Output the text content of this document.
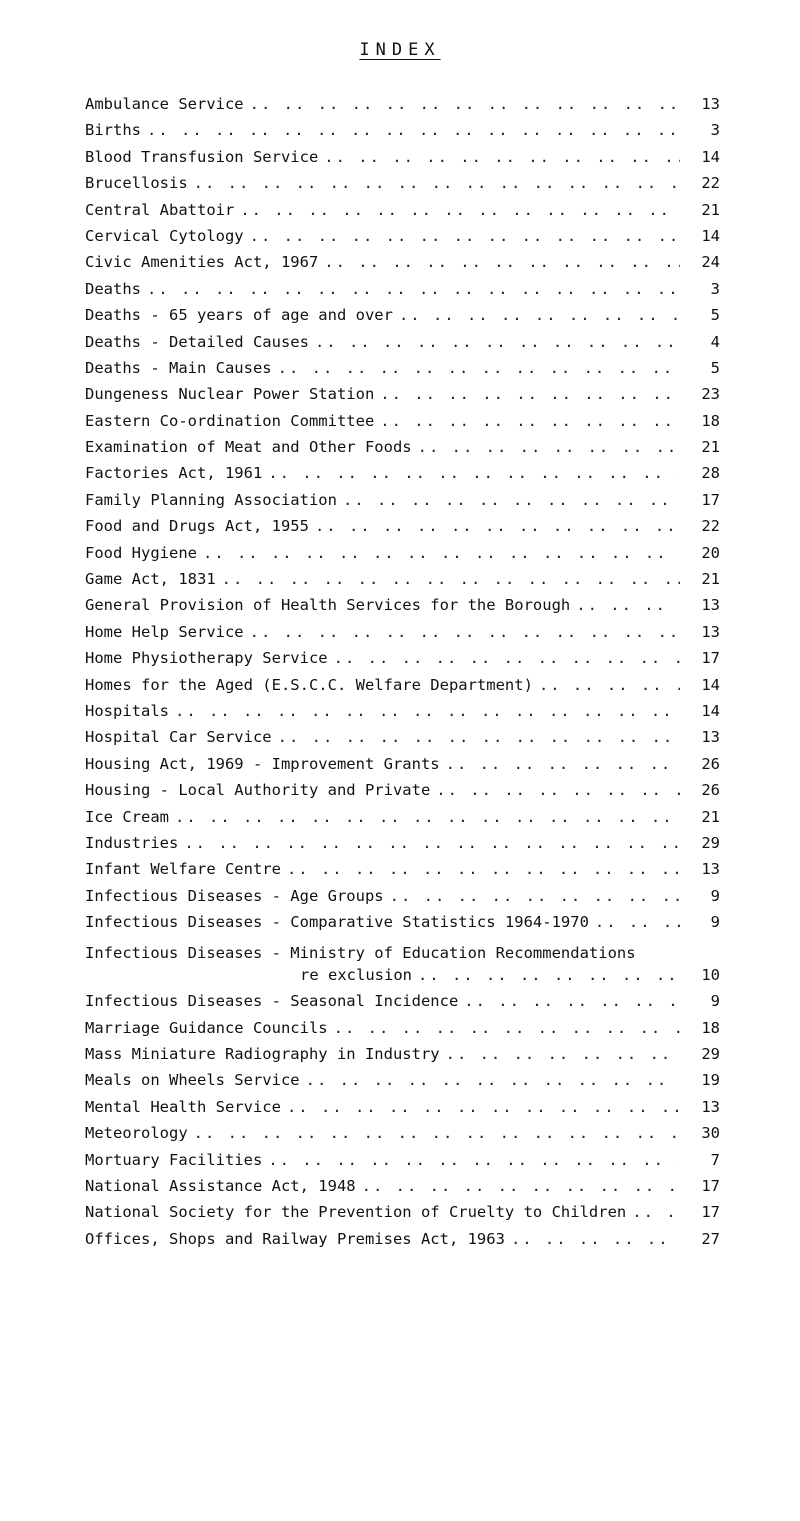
INDEX
Ambulance Service .. ..	13
Births .. ..	3
Blood Transfusion Service .. ..	14
Brucellosis .. ..	22
Central Abattoir .. ..	21
Cervical Cytology .. ..	14
Civic Amenities Act, 1967 .. ..	24
Deaths .. ..	3
Deaths - 65 years of age and over .. ..	5
Deaths - Detailed Causes .. ..	4
Deaths - Main Causes .. ..	5
Dungeness Nuclear Power Station .. ..	23
Eastern Co-ordination Committee .. ..	18
Examination of Meat and Other Foods .. ..	21
Factories Act, 1961 .. ..	28
Family Planning Association .. ..	17
Food and Drugs Act, 1955 .. ..	22
Food Hygiene .. ..	20
Game Act, 1831 .. ..	21
General Provision of Health Services for the Borough .. ..	13
Home Help Service .. ..	13
Home Physiotherapy Service .. ..	17
Homes for the Aged (E.S.C.C. Welfare Department) .. ..	14
Hospitals .. ..	14
Hospital Car Service .. ..	13
Housing Act, 1969 - Improvement Grants .. ..	26
Housing - Local Authority and Private .. ..	26
Ice Cream .. ..	21
Industries .. ..	29
Infant Welfare Centre .. ..	13
Infectious Diseases - Age Groups .. ..	9
Infectious Diseases - Comparative Statistics 1964-1970 .. ..	9
Infectious Diseases - Ministry of Education Recommendations
re exclusion .. ..	10
Infectious Diseases - Seasonal Incidence .. ..	9
Marriage Guidance Councils .. ..	18
Mass Miniature Radiography in Industry .. ..	29
Meals on Wheels Service .. ..	19
Mental Health Service .. ..	13
Meteorology .. ..	30
Mortuary Facilities .. ..	7
National Assistance Act, 1948 .. ..	17
National Society for the Prevention of Cruelty to Children .. ..	17
Offices, Shops and Railway Premises Act, 1963 .. ..	27
